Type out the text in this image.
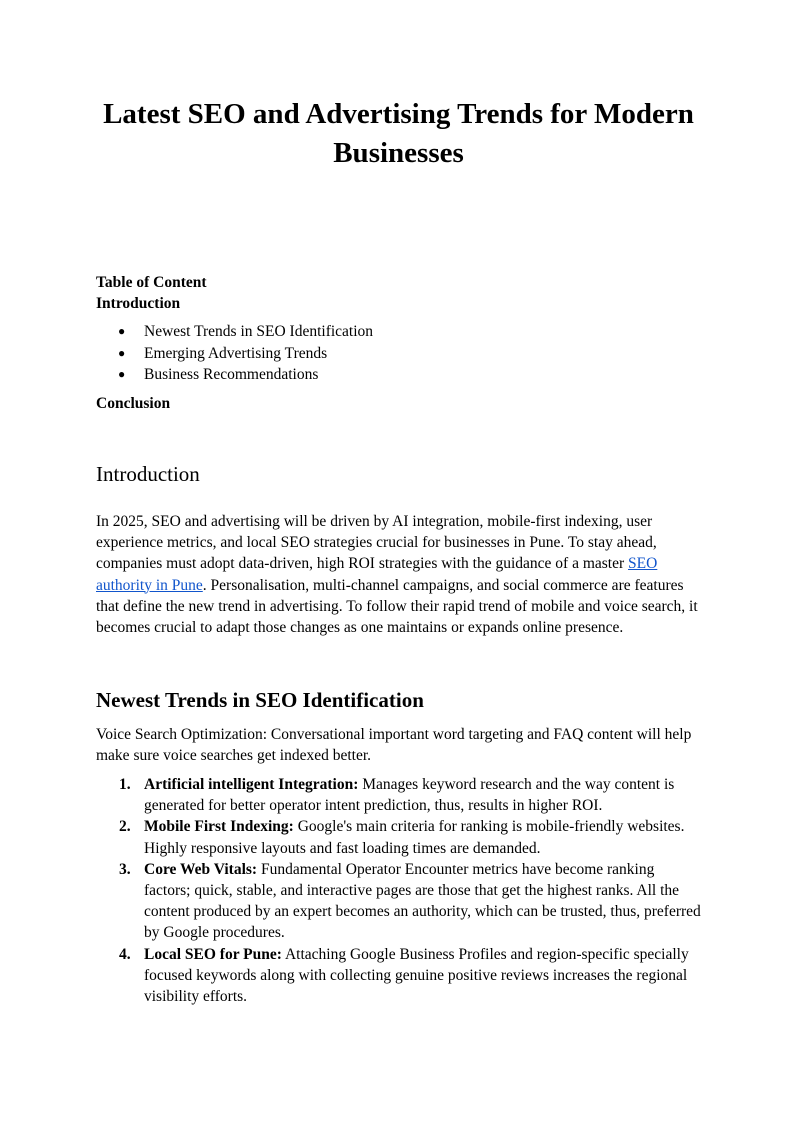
Latest SEO and Advertising Trends for Modern Businesses
Table of Content
Introduction
● Newest Trends in SEO Identification
● Emerging Advertising Trends
● Business Recommendations
Conclusion
Introduction

In 2025, SEO and advertising will be driven by AI integration, mobile-first indexing, user experience metrics, and local SEO strategies crucial for businesses in Pune. To stay ahead, companies must adopt data-driven, high ROI strategies with the guidance of a master SEO authority in Pune. Personalisation, multi-channel campaigns, and social commerce are features that define the new trend in advertising. To follow their rapid trend of mobile and voice search, it becomes crucial to adapt those changes as one maintains or expands online presence.

Newest Trends in SEO Identification

Voice Search Optimization: Conversational important word targeting and FAQ content will help make sure voice searches get indexed better.

1. Artificial intelligent Integration: Manages keyword research and the way content is generated for better operator intent prediction, thus, results in higher ROI.
2. Mobile First Indexing: Google's main criteria for ranking is mobile-friendly websites. Highly responsive layouts and fast loading times are demanded.
3. Core Web Vitals: Fundamental Operator Encounter metrics have become ranking factors; quick, stable, and interactive pages are those that get the highest ranks. All the content produced by an expert becomes an authority, which can be trusted, thus, preferred by Google procedures.
4. Local SEO for Pune: Attaching Google Business Profiles and region-specific specially focused keywords along with collecting genuine positive reviews increases the regional visibility efforts.
